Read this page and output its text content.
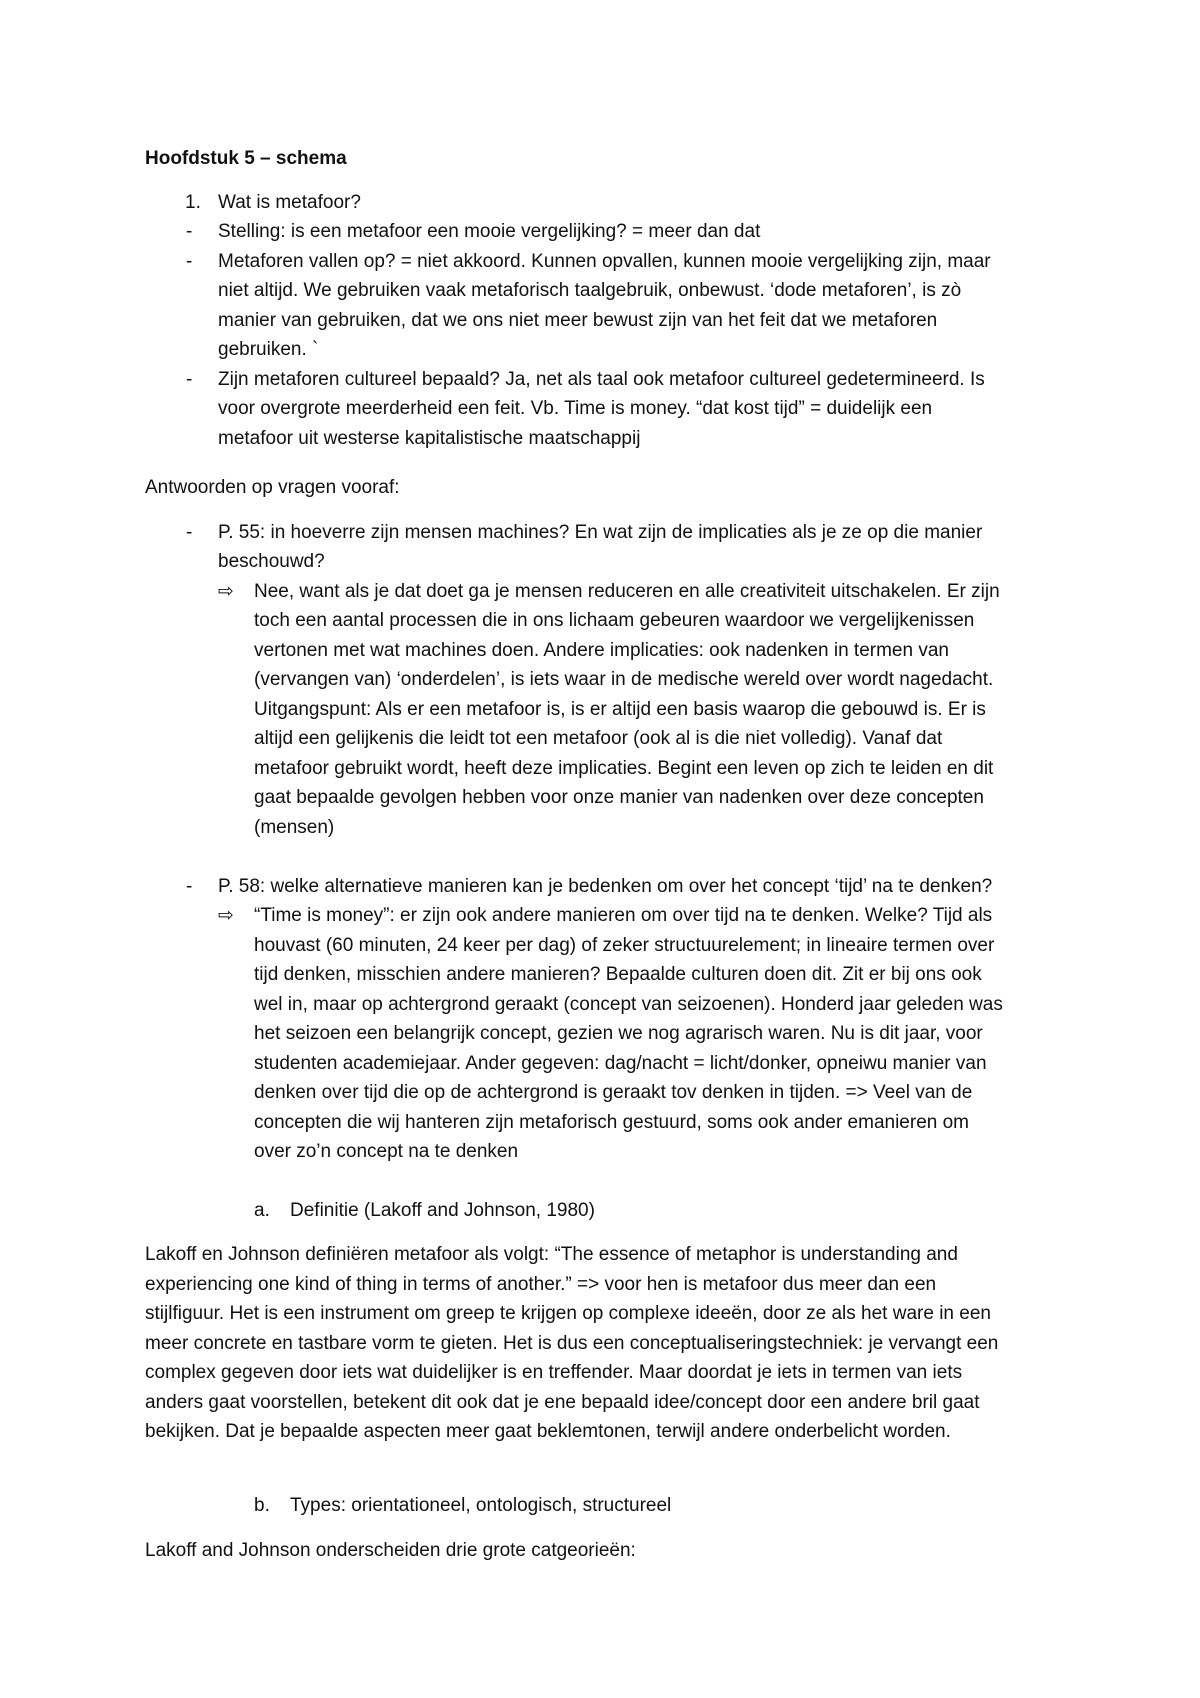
Hoofdstuk 5 – schema
1. Wat is metafoor?
- Stelling: is een metafoor een mooie vergelijking? = meer dan dat
- Metaforen vallen op? = niet akkoord. Kunnen opvallen, kunnen mooie vergelijking zijn, maar
niet altijd. We gebruiken vaak metaforisch taalgebruik, onbewust. ‘dode metaforen’, is zò
manier van gebruiken, dat we ons niet meer bewust zijn van het feit dat we metaforen
gebruiken. `
- Zijn metaforen cultureel bepaald? Ja, net als taal ook metafoor cultureel gedetermineerd. Is
voor overgrote meerderheid een feit. Vb. Time is money. “dat kost tijd” = duidelijk een
metafoor uit westerse kapitalistische maatschappij
Antwoorden op vragen vooraf:
- P. 55: in hoeverre zijn mensen machines? En wat zijn de implicaties als je ze op die manier
beschouwd?
⇨ Nee, want als je dat doet ga je mensen reduceren en alle creativiteit uitschakelen. Er zijn
toch een aantal processen die in ons lichaam gebeuren waardoor we vergelijkenissen
vertonen met wat machines doen. Andere implicaties: ook nadenken in termen van
(vervangen van) ‘onderdelen’, is iets waar in de medische wereld over wordt nagedacht.
Uitgangspunt: Als er een metafoor is, is er altijd een basis waarop die gebouwd is. Er is
altijd een gelijkenis die leidt tot een metafoor (ook al is die niet volledig). Vanaf dat
metafoor gebruikt wordt, heeft deze implicaties. Begint een leven op zich te leiden en dit
gaat bepaalde gevolgen hebben voor onze manier van nadenken over deze concepten
(mensen)
- P. 58: welke alternatieve manieren kan je bedenken om over het concept ‘tijd’ na te denken?
⇨ “Time is money”: er zijn ook andere manieren om over tijd na te denken. Welke? Tijd als
houvast (60 minuten, 24 keer per dag) of zeker structuurelement; in lineaire termen over
tijd denken, misschien andere manieren? Bepaalde culturen doen dit. Zit er bij ons ook
wel in, maar op achtergrond geraakt (concept van seizoenen). Honderd jaar geleden was
het seizoen een belangrijk concept, gezien we nog agrarisch waren. Nu is dit jaar, voor
studenten academiejaar. Ander gegeven: dag/nacht = licht/donker, opneiwu manier van
denken over tijd die op de achtergrond is geraakt tov denken in tijden. => Veel van de
concepten die wij hanteren zijn metaforisch gestuurd, soms ook ander emanieren om
over zo’n concept na te denken
a. Definitie (Lakoff and Johnson, 1980)
Lakoff en Johnson definiëren metafoor als volgt: “The essence of metaphor is understanding and
experiencing one kind of thing in terms of another.” => voor hen is metafoor dus meer dan een
stijlfiguur. Het is een instrument om greep te krijgen op complexe ideeën, door ze als het ware in een
meer concrete en tastbare vorm te gieten. Het is dus een conceptualiseringstechniek: je vervangt een
complex gegeven door iets wat duidelijker is en treffender. Maar doordat je iets in termen van iets
anders gaat voorstellen, betekent dit ook dat je ene bepaald idee/concept door een andere bril gaat
bekijken. Dat je bepaalde aspecten meer gaat beklemtonen, terwijl andere onderbelicht worden.
b. Types: orientationeel, ontologisch, structureel
Lakoff and Johnson onderscheiden drie grote catgeorieën:
